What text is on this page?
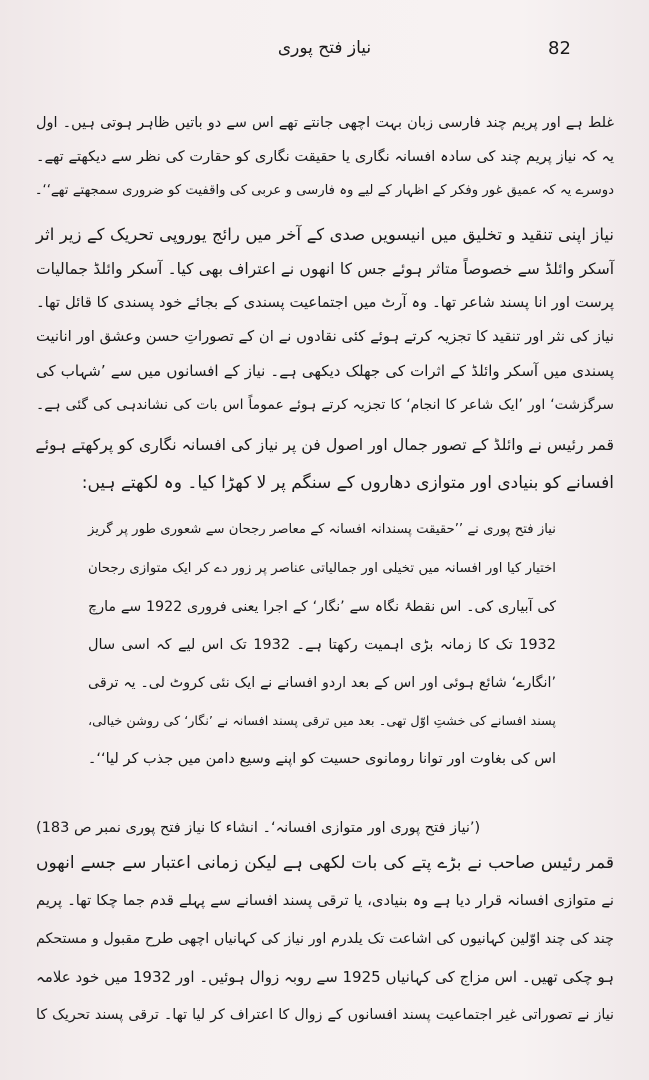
82
نیاز فتح پوری
غلط ہے اور پریم چند فارسی زبان بہت اچھی جانتے تھے اس سے دو باتیں ظاہر ہوتی ہیں۔ اول
یہ کہ نیاز پریم چند کی سادہ افسانہ نگاری یا حقیقت نگاری کو حقارت کی نظر سے دیکھتے تھے۔
دوسرے یہ کہ عمیق غور وفکر کے اظہار کے لیے وہ فارسی و عربی کی واقفیت کو ضروری سمجھتے تھے‘‘۔
نیاز اپنی تنقید و تخلیق میں انیسویں صدی کے آخر میں رائج یوروپی تحریک کے زیر اثر
آسکر وائلڈ سے خصوصاً متاثر ہوئے جس کا انھوں نے اعتراف بھی کیا۔ آسکر وائلڈ جمالیات
پرست اور انا پسند شاعر تھا۔ وہ آرٹ میں اجتماعیت پسندی کے بجائے خود پسندی کا قائل تھا۔
نیاز کی نثر اور تنقید کا تجزیہ کرتے ہوئے کئی نقادوں نے ان کے تصوراتِ حسن وعشق اور انانیت
پسندی میں آسکر وائلڈ کے اثرات کی جھلک دیکھی ہے۔ نیاز کے افسانوں میں سے ’شہاب کی
سرگزشت‘ اور ’ایک شاعر کا انجام‘ کا تجزیہ کرتے ہوئے عموماً اس بات کی نشاندہی کی گئی ہے۔
قمر رئیس نے وائلڈ کے تصور جمال اور اصول فن پر نیاز کی افسانہ نگاری کو پرکھتے ہوئے
افسانے کو بنیادی اور متوازی دھاروں کے سنگم پر لا کھڑا کیا۔ وہ لکھتے ہیں:
نیاز فتح پوری نے ’’حقیقت پسندانہ افسانہ کے معاصر رجحان سے شعوری طور پر گریز
اختیار کیا اور افسانہ میں تخیلی اور جمالیاتی عناصر پر زور دے کر ایک متوازی رجحان
کی آبیاری کی۔ اس نقطۂ نگاہ سے ’نگار‘ کے اجرا یعنی فروری 1922 سے مارچ
1932 تک کا زمانہ بڑی اہمیت رکھتا ہے۔ 1932 تک اس لیے کہ اسی سال
’انگارے‘ شائع ہوئی اور اس کے بعد اردو افسانے نے ایک نئی کروٹ لی۔ یہ ترقی
پسند افسانے کی خشتِ اوّل تھی۔ بعد میں ترقی پسند افسانہ نے ’نگار‘ کی روشن خیالی،
اس کی بغاوت اور توانا رومانوی حسیت کو اپنے وسیع دامن میں جذب کر لیا‘‘۔
(’نیاز فتح پوری اور متوازی افسانہ‘۔ انشاء کا نیاز فتح پوری نمبر ص 183)
قمر رئیس صاحب نے بڑے پتے کی بات لکھی ہے لیکن زمانی اعتبار سے جسے انھوں
نے متوازی افسانہ قرار دیا ہے وہ بنیادی، یا ترقی پسند افسانے سے پہلے قدم جما چکا تھا۔ پریم
چند کی چند اوّلین کہانیوں کی اشاعت تک یلدرم اور نیاز کی کہانیاں اچھی طرح مقبول و مستحکم
ہو چکی تھیں۔ اس مزاج کی کہانیاں 1925 سے روبہ زوال ہوئیں۔ اور 1932 میں خود علامہ
نیاز نے تصوراتی غیر اجتماعیت پسند افسانوں کے زوال کا اعتراف کر لیا تھا۔ ترقی پسند تحریک کا
